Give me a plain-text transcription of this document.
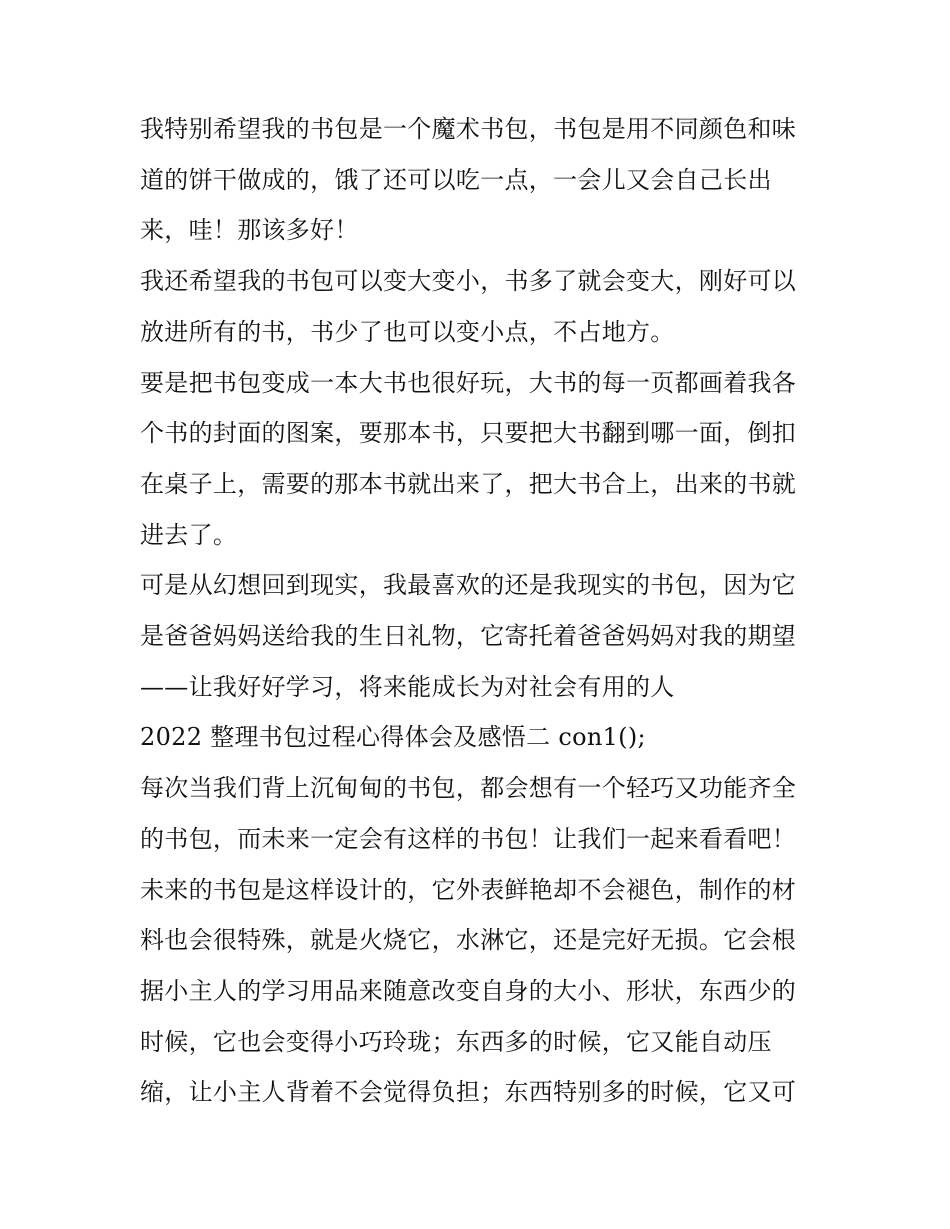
我特别希望我的书包是一个魔术书包，书包是用不同颜色和味
道的饼干做成的，饿了还可以吃一点，一会儿又会自己长出
来，哇！那该多好！
我还希望我的书包可以变大变小，书多了就会变大，刚好可以
放进所有的书，书少了也可以变小点，不占地方。
要是把书包变成一本大书也很好玩，大书的每一页都画着我各
个书的封面的图案，要那本书，只要把大书翻到哪一面，倒扣
在桌子上，需要的那本书就出来了，把大书合上，出来的书就
进去了。
可是从幻想回到现实，我最喜欢的还是我现实的书包，因为它
是爸爸妈妈送给我的生日礼物，它寄托着爸爸妈妈对我的期望
——让我好好学习，将来能成长为对社会有用的人
2022 整理书包过程心得体会及感悟二 con1();
每次当我们背上沉甸甸的书包，都会想有一个轻巧又功能齐全
的书包，而未来一定会有这样的书包！让我们一起来看看吧！
未来的书包是这样设计的，它外表鲜艳却不会褪色，制作的材
料也会很特殊，就是火烧它，水淋它，还是完好无损。它会根
据小主人的学习用品来随意改变自身的大小、形状，东西少的
时候，它也会变得小巧玲珑；东西多的时候，它又能自动压
缩，让小主人背着不会觉得负担；东西特别多的时候，它又可
